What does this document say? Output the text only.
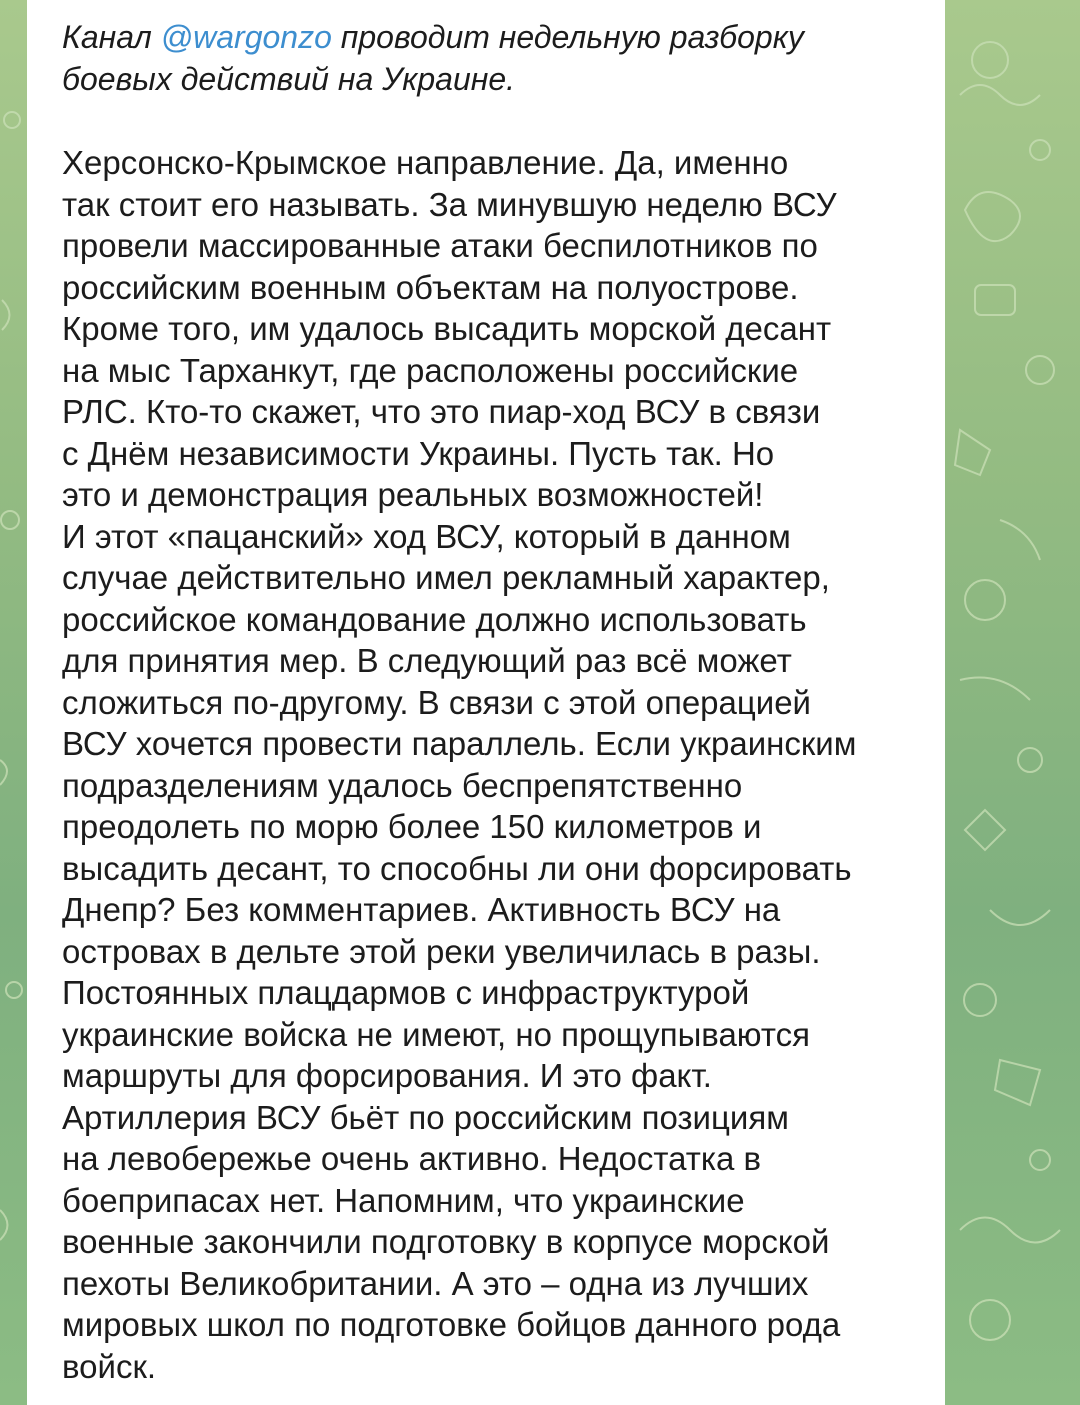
Канал @wargonzo проводит недельную разборку боевых действий на Украине.

Херсонско-Крымское направление. Да, именно
так стоит его называть. За минувшую неделю ВСУ
провели массированные атаки беспилотников по
российским военным объектам на полуострове.
Кроме того, им удалось высадить морской десант
на мыс Тарханкут, где расположены российские
РЛС. Кто-то скажет, что это пиар-ход ВСУ в связи
с Днём независимости Украины. Пусть так. Но
это и демонстрация реальных возможностей!
И этот «пацанский» ход ВСУ, который в данном
случае действительно имел рекламный характер,
российское командование должно использовать
для принятия мер. В следующий раз всё может
сложиться по-другому. В связи с этой операцией
ВСУ хочется провести параллель. Если украинским
подразделениям удалось беспрепятственно
преодолеть по морю более 150 километров и
высадить десант, то способны ли они форсировать
Днепр? Без комментариев. Активность ВСУ на
островах в дельте этой реки увеличилась в разы.
Постоянных плацдармов с инфраструктурой
украинские войска не имеют, но прощупываются
маршруты для форсирования. И это факт.
Артиллерия ВСУ бьёт по российским позициям
на левобережье очень активно. Недостатка в
боеприпасах нет. Напомним, что украинские
военные закончили подготовку в корпусе морской
пехоты Великобритании. А это – одна из лучших
мировых школ по подготовке бойцов данного рода
войск.
